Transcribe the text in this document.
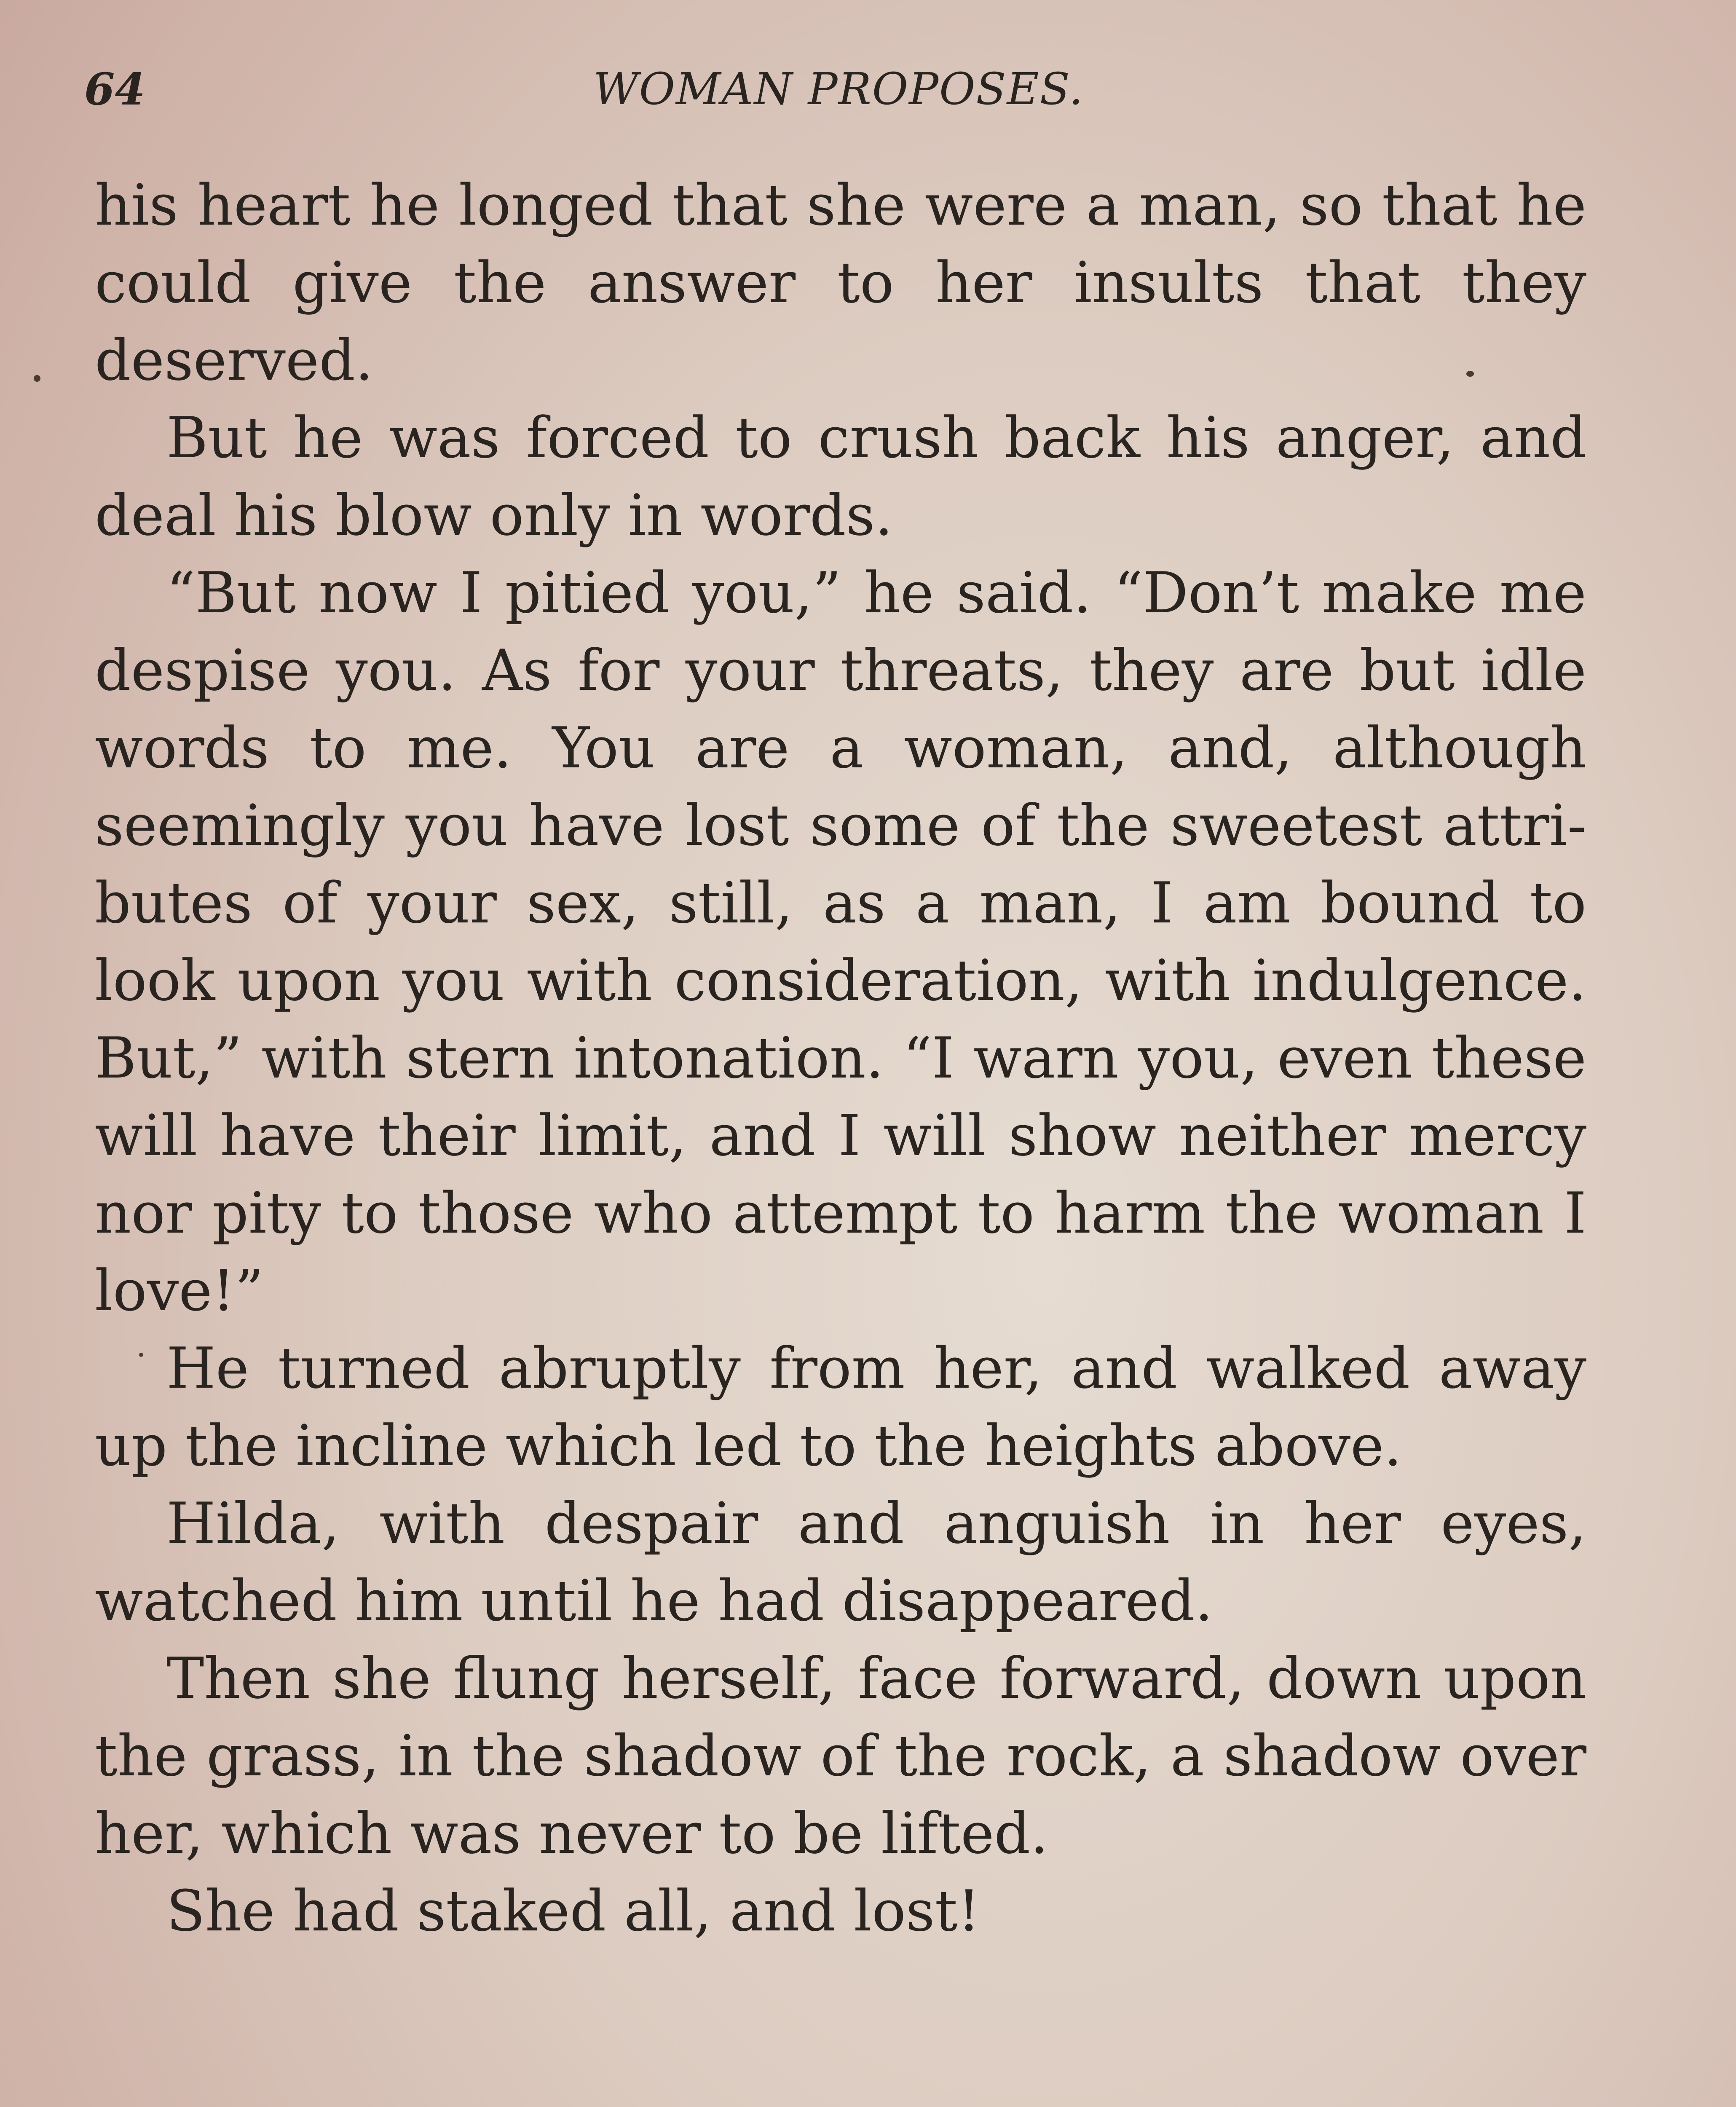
64	WOMAN PROPOSES.

his heart he longed that she were a man, so that he could give the answer to her insults that they deserved.

But he was forced to crush back his anger, and deal his blow only in words.

“But now I pitied you,” he said. “Don’t make me despise you. As for your threats, they are but idle words to me. You are a woman, and, although seemingly you have lost some of the sweetest attri-butes of your sex, still, as a man, I am bound to look upon you with consideration, with indulgence. But,” with stern intonation. “I warn you, even these will have their limit, and I will show neither mercy nor pity to those who attempt to harm the woman I love!”

He turned abruptly from her, and walked away up the incline which led to the heights above.

Hilda, with despair and anguish in her eyes, watched him until he had disappeared.

Then she flung herself, face forward, down upon the grass, in the shadow of the rock, a shadow over her, which was never to be lifted.

She had staked all, and lost!
